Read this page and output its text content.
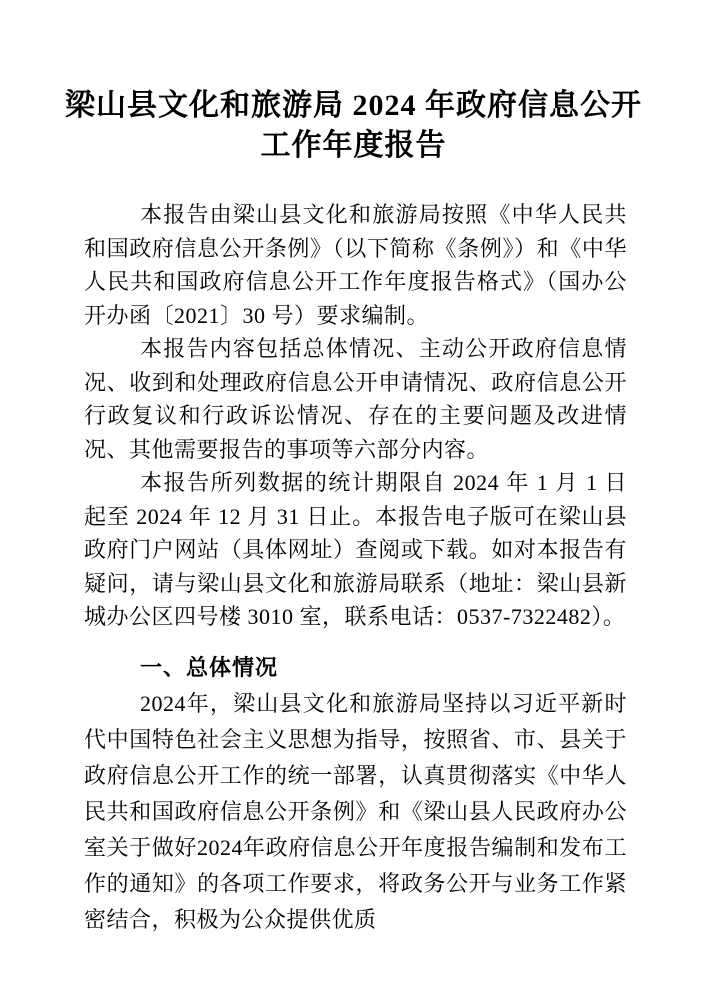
梁山县文化和旅游局 2024 年政府信息公开
工作年度报告

本报告由梁山县文化和旅游局按照《中华人民共和国政府信息公开条例》（以下简称《条例》）和《中华人民共和国政府信息公开工作年度报告格式》（国办公开办函〔2021〕30 号）要求编制。

本报告内容包括总体情况、主动公开政府信息情况、收到和处理政府信息公开申请情况、政府信息公开行政复议和行政诉讼情况、存在的主要问题及改进情况、其他需要报告的事项等六部分内容。

本报告所列数据的统计期限自 2024 年 1 月 1 日起至 2024 年 12 月 31 日止。本报告电子版可在梁山县政府门户网站（具体网址）查阅或下载。如对本报告有疑问，请与梁山县文化和旅游局联系（地址：梁山县新城办公区四号楼 3010 室，联系电话：0537-7322482）。

一、总体情况

2024年，梁山县文化和旅游局坚持以习近平新时代中国特色社会主义思想为指导，按照省、市、县关于政府信息公开工作的统一部署，认真贯彻落实《中华人民共和国政府信息公开条例》和《梁山县人民政府办公室关于做好2024年政府信息公开年度报告编制和发布工作的通知》的各项工作要求，将政务公开与业务工作紧密结合，积极为公众提供优质
